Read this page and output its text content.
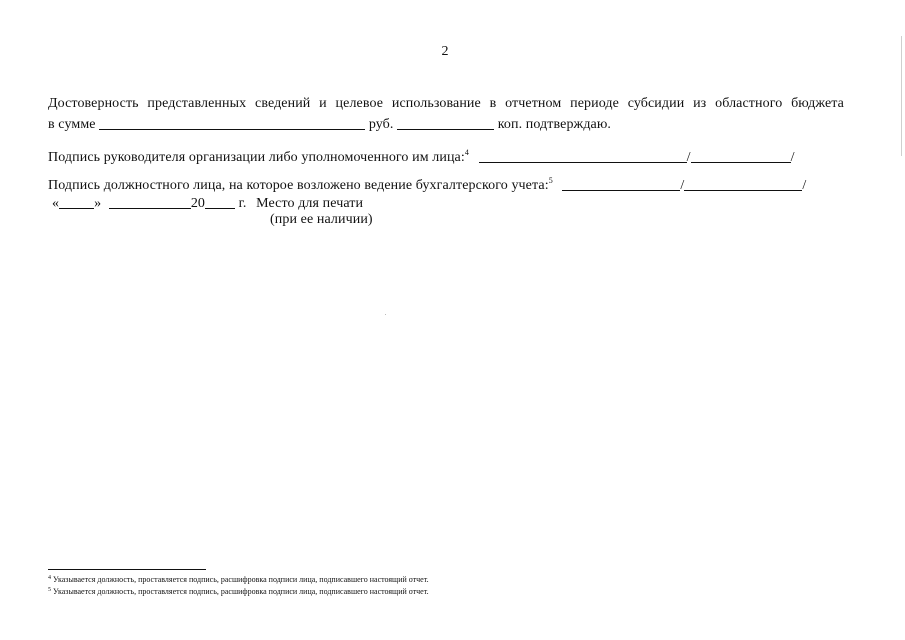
2
Достоверность представленных сведений и целевое использование в отчетном периоде субсидии из областного бюджета
в сумме	руб.	коп. подтверждаю.
Подпись руководителя организации либо уполномоченного им лица:$^4$	/	/
Подпись должностного лица, на которое возложено ведение бухгалтерского учета:$^5$	/	/
«	»	20 г. Место для печати
(при ее наличии)
$^4$ Указывается должность, проставляется подпись, расшифровка подписи лица, подписавшего настоящий отчет.
$^5$ Указывается должность, проставляется подпись, расшифровка подписи лица, подписавшего настоящий отчет.
